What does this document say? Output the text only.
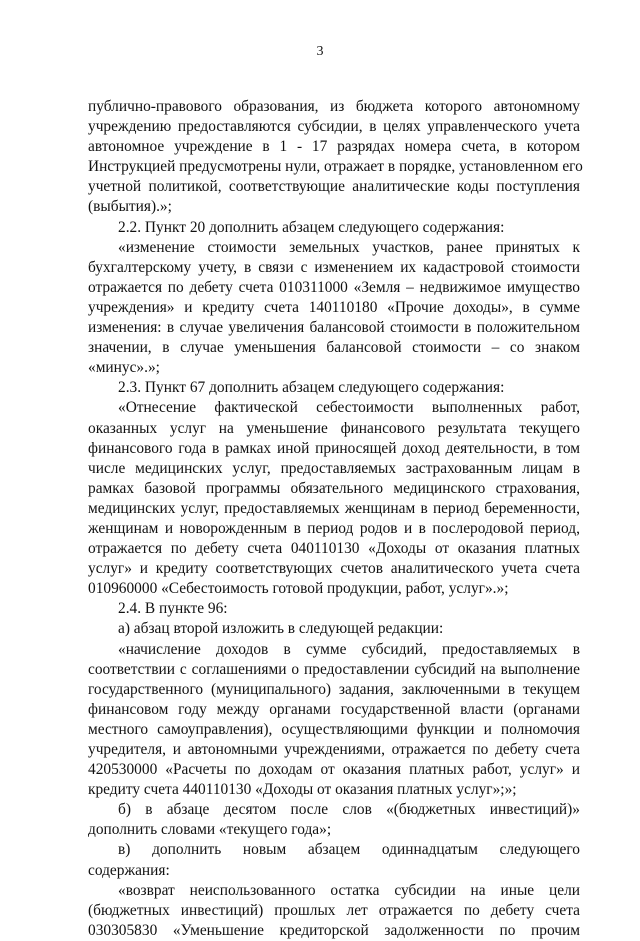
3

публично-правового образования, из бюджета которого автономному

учреждению предоставляются субсидии, в целях управленческого учета

автономное учреждение в 1 - 17 разрядах номера счета, в котором

Инструкцией предусмотрены нули, отражает в порядке, установленном его

учетной политикой, соответствующие аналитические коды поступления

(выбытия).»;

2.2. Пункт 20 дополнить абзацем следующего содержания:

«изменение стоимости земельных участков, ранее принятых к

бухгалтерскому учету, в связи с изменением их кадастровой стоимости

отражается по дебету счета 010311000 «Земля – недвижимое имущество

учреждения» и кредиту счета 140110180 «Прочие доходы», в сумме

изменения: в случае увеличения балансовой стоимости в положительном

значении, в случае уменьшения балансовой стоимости – со знаком

«минус».»;

2.3. Пункт 67 дополнить абзацем следующего содержания:

«Отнесение фактической себестоимости выполненных работ,

оказанных услуг на уменьшение финансового результата текущего

финансового года в рамках иной приносящей доход деятельности, в том

числе медицинских услуг, предоставляемых застрахованным лицам в

рамках базовой программы обязательного медицинского страхования,

медицинских услуг, предоставляемых женщинам в период беременности,

женщинам и новорожденным в период родов и в послеродовой период,

отражается по дебету счета 040110130 «Доходы от оказания платных

услуг» и кредиту соответствующих счетов аналитического учета счета

010960000 «Себестоимость готовой продукции, работ, услуг».»;

2.4. В пункте 96:

а) абзац второй изложить в следующей редакции:

«начисление доходов в сумме субсидий, предоставляемых в

соответствии с соглашениями о предоставлении субсидий на выполнение

государственного (муниципального) задания, заключенными в текущем

финансовом году между органами государственной власти (органами

местного самоуправления), осуществляющими функции и полномочия

учредителя, и автономными учреждениями, отражается по дебету счета

420530000 «Расчеты по доходам от оказания платных работ, услуг» и

кредиту счета 440110130 «Доходы от оказания платных услуг»;»;

б) в абзаце десятом после слов «(бюджетных инвестиций)»

дополнить словами «текущего года»;

в) дополнить новым абзацем одиннадцатым следующего

содержания:

«возврат неиспользованного остатка субсидии на иные цели

(бюджетных инвестиций) прошлых лет отражается по дебету счета

030305830 «Уменьшение кредиторской задолженности по прочим
